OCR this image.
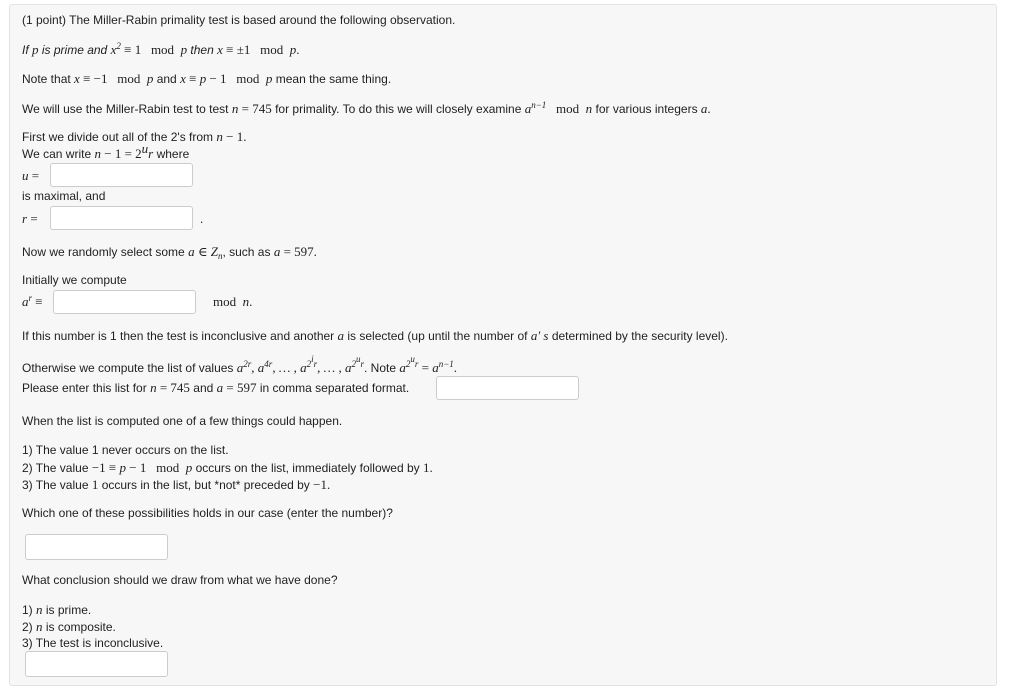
(1 point) The Miller-Rabin primality test is based around the following observation.
If p is prime and $x^2 \equiv 1$   mod  p then x ≡ ±1   mod  p.
Note that x ≡ −1   mod  p and x ≡ p − 1   mod  p mean the same thing.
We will use the Miller-Rabin test to test n = 745 for primality. To do this we will closely examine $a^{n-1}$   mod  n for various integers a.
First we divide out all of the 2's from n − 1.
We can write $n - 1 = 2^ur$ where
u =
is maximal, and
r =	.
Now we randomly select some a ∈ $Z_n$, such as a = 597.
Initially we compute
$a^r$ ≡	mod  n.
If this number is 1 then the test is inconclusive and another a is selected (up until the number of a′ s determined by the security level).
Otherwise we compute the list of values $a^{2r}$, $a^{4r}$, … , $a^{2^ir}$, … , $a^{2^ur}$. Note $a^{2^ur} = a^{n-1}$.
Please enter this list for n = 745 and a = 597 in comma separated format.
When the list is computed one of a few things could happen.
1) The value 1 never occurs on the list.
2) The value −1 ≡ p − 1   mod  p occurs on the list, immediately followed by 1.
3) The value 1 occurs in the list, but *not* preceded by −1.
Which one of these possibilities holds in our case (enter the number)?
What conclusion should we draw from what we have done?
1) n is prime.
2) n is composite.
3) The test is inconclusive.
